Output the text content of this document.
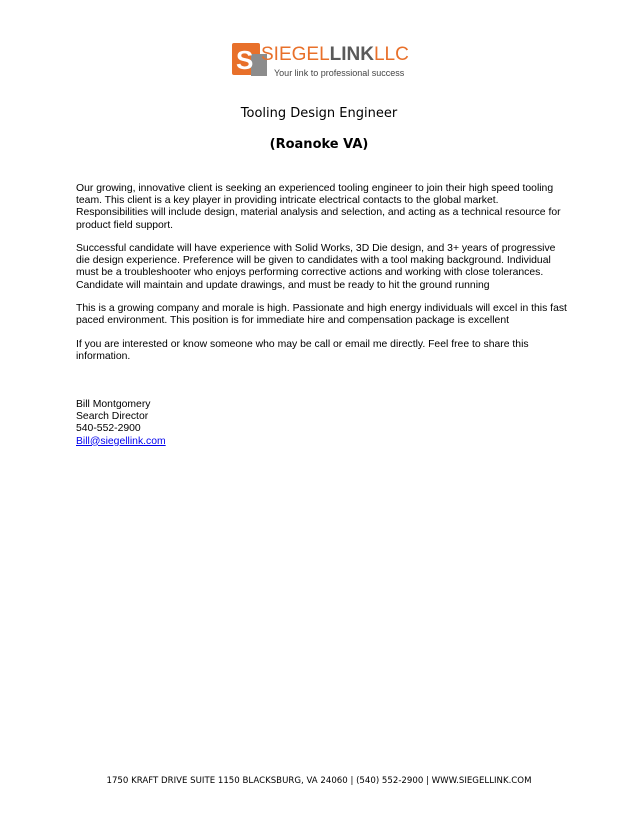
S SIEGELLINKLLC
Your link to professional success
Tooling Design Engineer
(Roanoke VA)

Our growing, innovative client is seeking an experienced tooling engineer to join their high speed tooling team. This client is a key player in providing intricate electrical contacts to the global market. Responsibilities will include design, material analysis and selection, and acting as a technical resource for product field support.

Successful candidate will have experience with Solid Works, 3D Die design, and 3+ years of progressive die design experience. Preference will be given to candidates with a tool making background. Individual must be a troubleshooter who enjoys performing corrective actions and working with close tolerances. Candidate will maintain and update drawings, and must be ready to hit the ground running

This is a growing company and morale is high. Passionate and high energy individuals will excel in this fast paced environment. This position is for immediate hire and compensation package is excellent

If you are interested or know someone who may be call or email me directly. Feel free to share this information.

Bill Montgomery
Search Director
540-552-2900
Bill@siegellink.com
1750 KRAFT DRIVE SUITE 1150 BLACKSBURG, VA 24060 | (540) 552-2900 | WWW.SIEGELLINK.COM
